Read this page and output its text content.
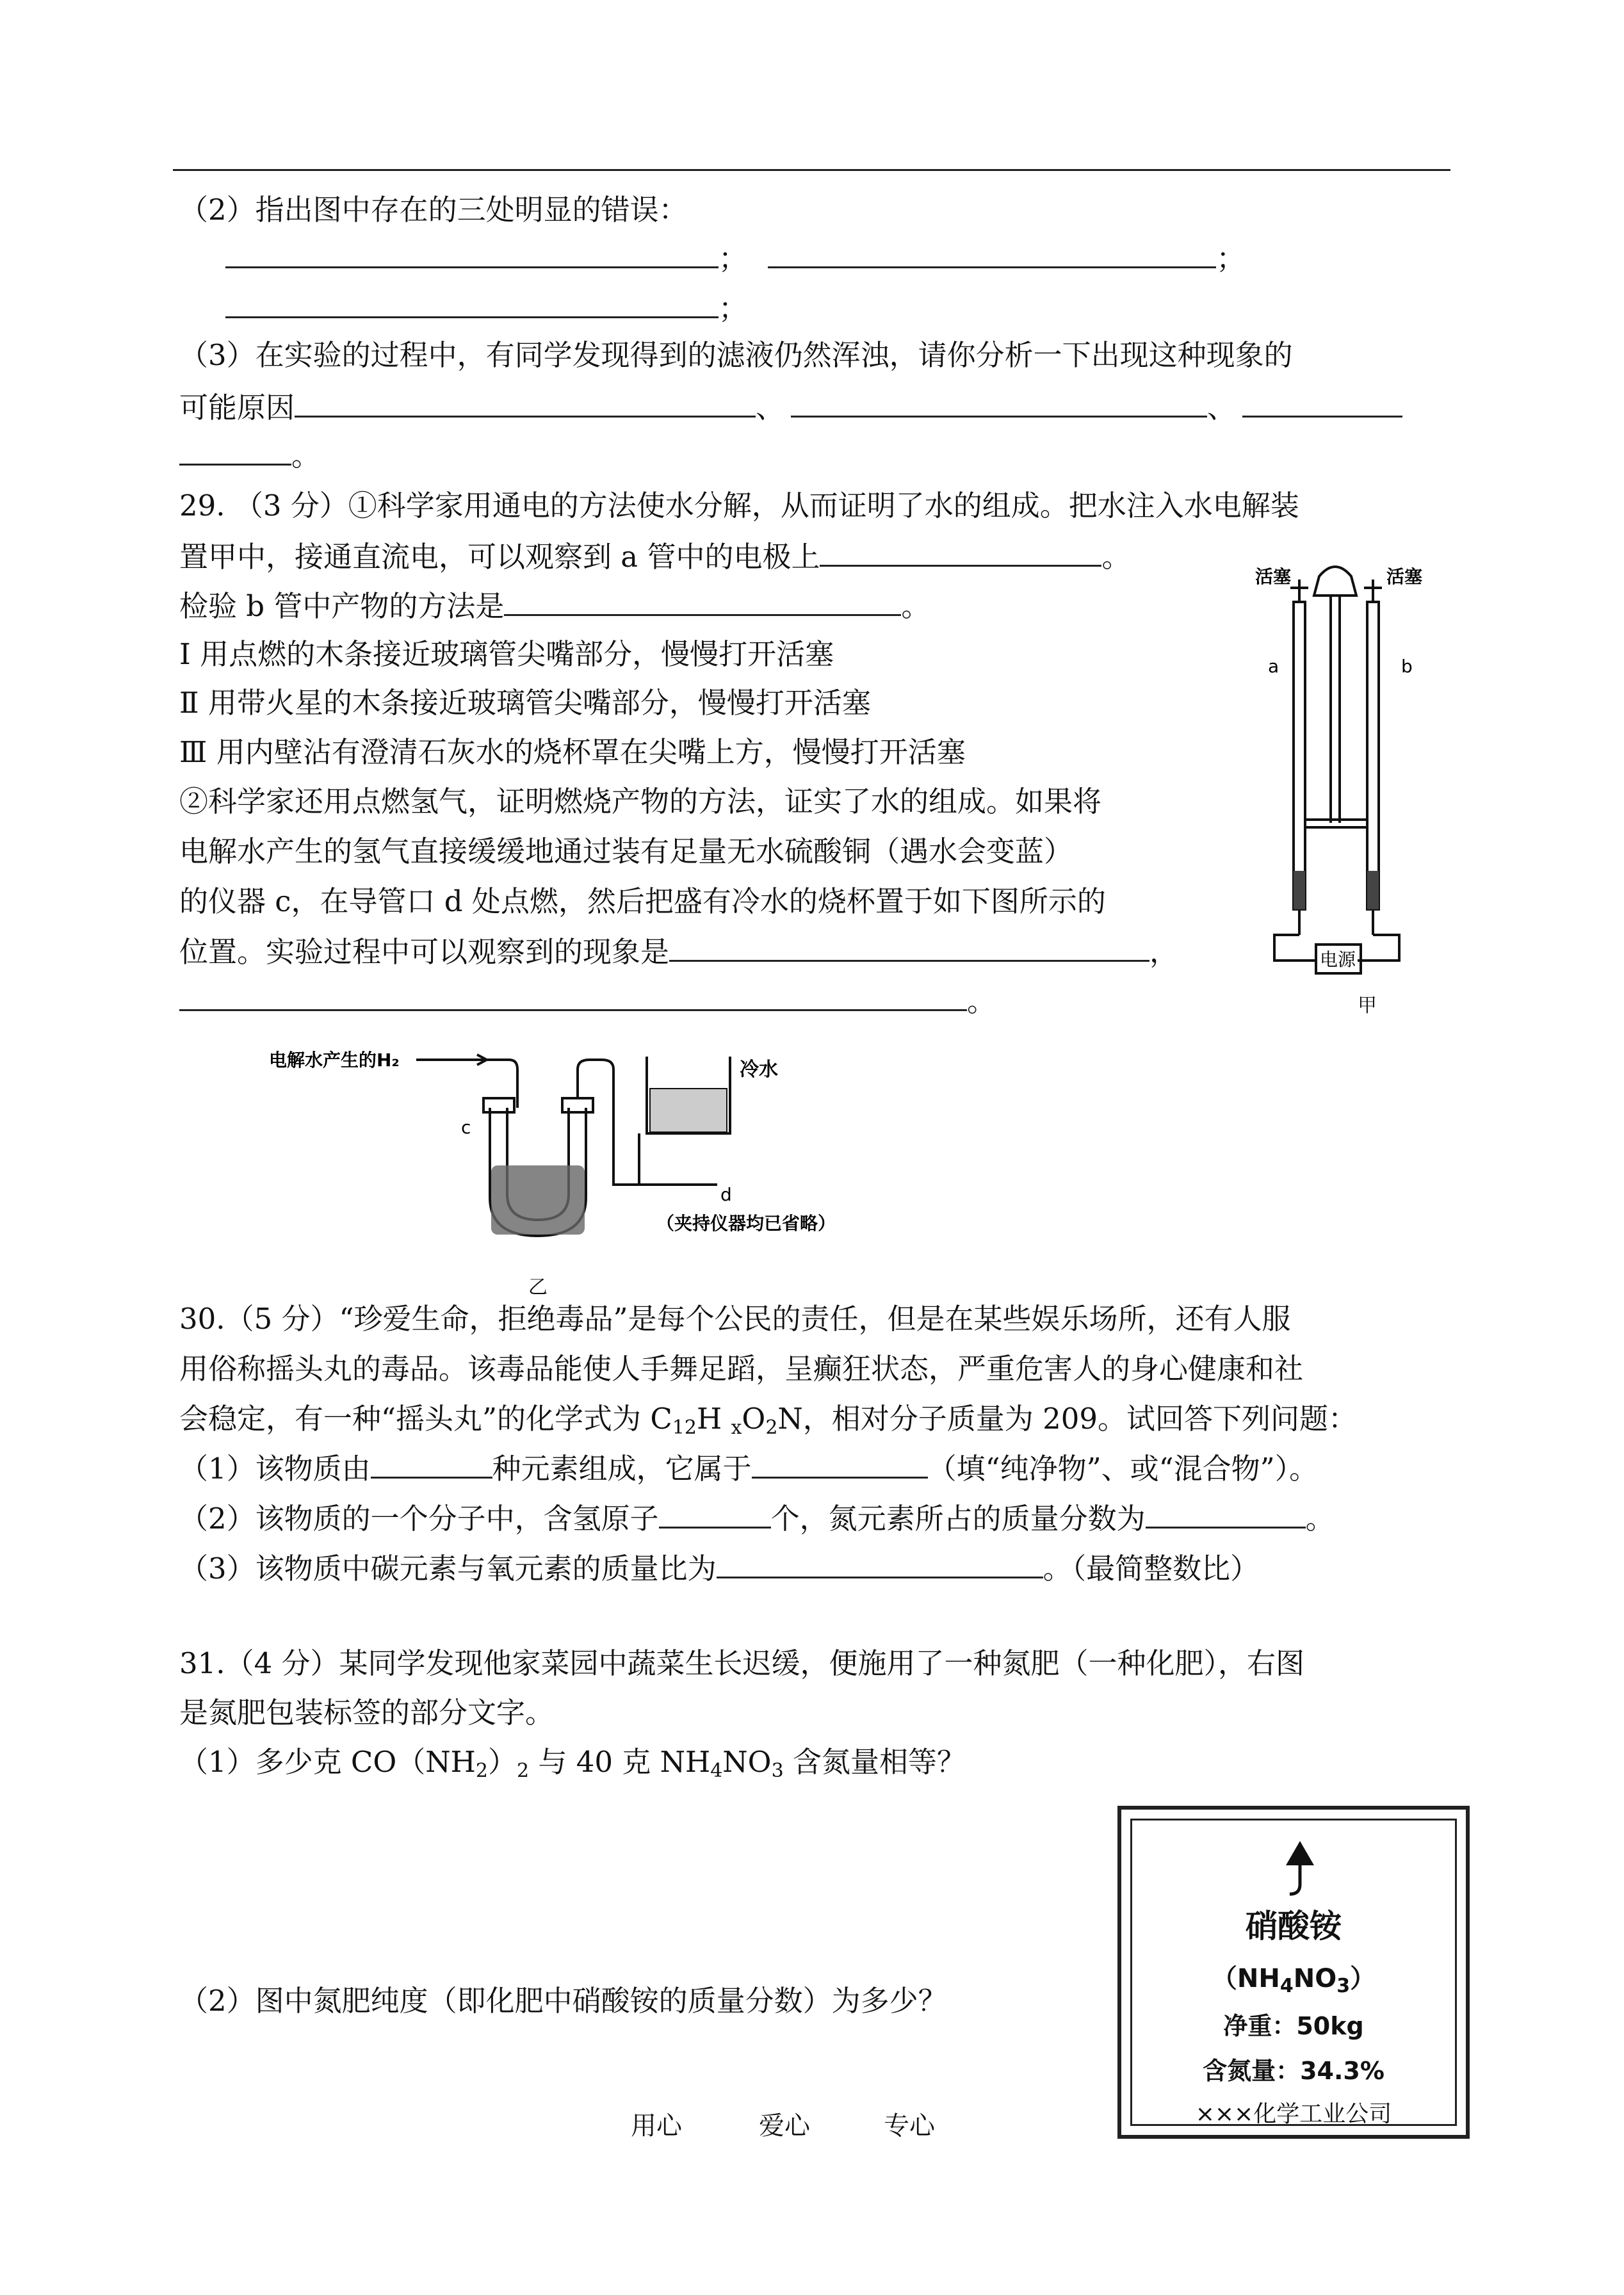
（2）指出图中存在的三处明显的错误：
；	；
；
（3）在实验的过程中，有同学发现得到的滤液仍然浑浊，请你分析一下出现这种现象的
可能原因	、	、
。
29. （3 分）①科学家用通电的方法使水分解，从而证明了水的组成。把水注入水电解装
置甲中，接通直流电，可以观察到 a 管中的电极上	。
检验 b 管中产物的方法是	。
Ⅰ 用点燃的木条接近玻璃管尖嘴部分，慢慢打开活塞
Ⅱ 用带火星的木条接近玻璃管尖嘴部分，慢慢打开活塞
Ⅲ 用内壁沾有澄清石灰水的烧杯罩在尖嘴上方，慢慢打开活塞
②科学家还用点燃氢气，证明燃烧产物的方法，证实了水的组成。如果将
电解水产生的氢气直接缓缓地通过装有足量无水硫酸铜（遇水会变蓝）
的仪器 c，在导管口 d 处点燃，然后把盛有冷水的烧杯置于如下图所示的
位置。实验过程中可以观察到的现象是	，
。
活塞	活塞
a	b
电源
甲
电解水产生的H₂
c
d
冷水
（夹持仪器均已省略）
乙
30.（5 分）“珍爱生命，拒绝毒品”是每个公民的责任，但是在某些娱乐场所，还有人服
用俗称摇头丸的毒品。该毒品能使人手舞足蹈，呈癫狂状态，严重危害人的身心健康和社
会稳定，有一种“摇头丸”的化学式为 $C_{12}H$ $_xO_2N$，相对分子质量为 209。试回答下列问题：
（1）该物质由	种元素组成，它属于	（填“纯净物”、或“混合物”）。
（2）该物质的一个分子中，含氢原子	个，氮元素所占的质量分数为	。
（3）该物质中碳元素与氧元素的质量比为	。（最简整数比）
31.（4 分）某同学发现他家菜园中蔬菜生长迟缓，便施用了一种氮肥（一种化肥），右图
是氮肥包装标签的部分文字。
（1）多少克 $CO(NH_2)_2$ 与 40 克 $NH_4NO_3$ 含氮量相等？
（2）图中氮肥纯度（即化肥中硝酸铵的质量分数）为多少？
硝酸铵
$(NH_4NO_3)$
净重：50kg
含氮量：34.3%
×××化学工业公司
用心	爱心	专心
